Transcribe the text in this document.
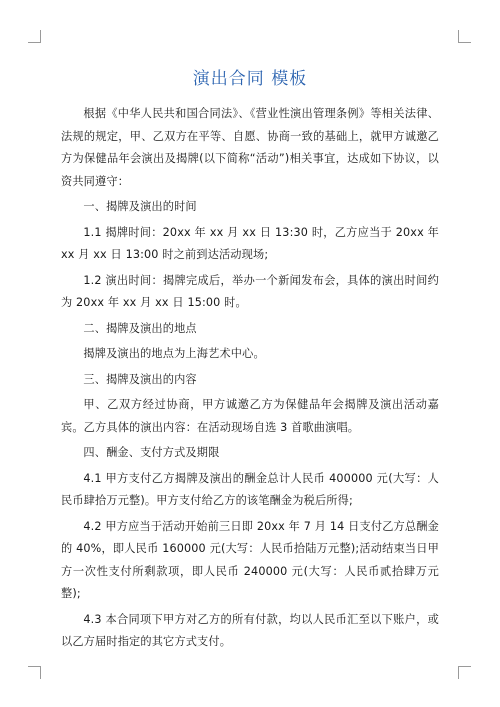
演出合同 模板

根据《中华人民共和国合同法》、《营业性演出管理条例》等相关法律、法规的规定，甲、乙双方在平等、自愿、协商一致的基础上，就甲方诚邀乙方为保健品年会演出及揭牌(以下简称“活动”)相关事宜，达成如下协议，以资共同遵守：

一、揭牌及演出的时间

1.1 揭牌时间：20xx 年 xx 月 xx 日 13:30 时，乙方应当于 20xx 年 xx 月 xx 日 13:00 时之前到达活动现场;

1.2 演出时间：揭牌完成后，举办一个新闻发布会，具体的演出时间约为 20xx 年 xx 月 xx 日 15:00 时。

二、揭牌及演出的地点

揭牌及演出的地点为上海艺术中心。

三、揭牌及演出的内容

甲、乙双方经过协商，甲方诚邀乙方为保健品年会揭牌及演出活动嘉宾。乙方具体的演出内容：在活动现场自选 3 首歌曲演唱。

四、酬金、支付方式及期限

4.1 甲方支付乙方揭牌及演出的酬金总计人民币 400000 元(大写：人民币肆拾万元整)。甲方支付给乙方的该笔酬金为税后所得;

4.2 甲方应当于活动开始前三日即 20xx 年 7 月 14 日支付乙方总酬金的 40%，即人民币 160000 元(大写：人民币拾陆万元整);活动结束当日甲方一次性支付所剩款项，即人民币 240000 元(大写：人民币贰拾肆万元整);

4.3 本合同项下甲方对乙方的所有付款，均以人民币汇至以下账户，或以乙方届时指定的其它方式支付。
